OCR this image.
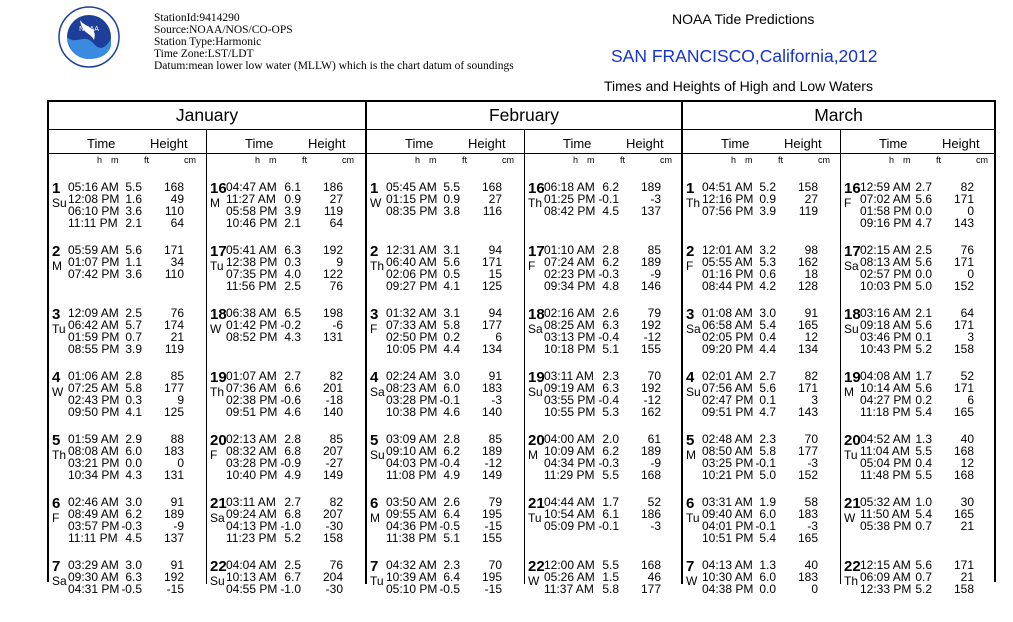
NOAA
StationId:9414290
Source:NOAA/NOS/CO-OPS
Station Type:Harmonic
Time Zone:LST/LDT
Datum:mean lower low water (MLLW) which is the chart datum of soundings
NOAA Tide Predictions
SAN FRANCISCO,California,2012
Times and Heights of High and Low Waters
January
Time	Height
h m	ft	cm
1
Su
05:16 AM 5.5 168
12:08 PM 1.6 49
06:10 PM 3.6 110
11:11 PM 2.1 64
2
M
05:59 AM 5.6 171
01:07 PM 1.1 34
07:42 PM 3.6 110
3
Tu
12:09 AM 2.5 76
06:42 AM 5.7 174
01:59 PM 0.7 21
08:55 PM 3.9 119
4
W
01:06 AM 2.8 85
07:25 AM 5.8 177
02:43 PM 0.3	9
09:50 PM 4.1 125
5
Th
01:59 AM 2.9 88
08:08 AM 6.0 183
03:21 PM 0.0	0
10:34 PM 4.3 131
6
F
02:46 AM 3.0 91
08:49 AM 6.2 189
03:57 PM -0.3	-9
11:11 PM 4.5 137
7
Sa
03:29 AM 3.0 91
09:30 AM 6.3 192
04:31 PM -0.5 -15
Time	Height
h m	ft	cm
16
M
04:47 AM 6.1 186
11:27 AM 0.9 27
05:58 PM 3.9 119
10:46 PM 2.1 64
17
Tu
05:41 AM 6.3 192
12:38 PM 0.3	9
07:35 PM 4.0 122
11:56 PM 2.5 76
18
W
06:38 AM 6.5 198
01:42 PM -0.2	-6
08:52 PM 4.3 131
19
Th
01:07 AM 2.7 82
07:36 AM 6.6 201
02:38 PM -0.6 -18
09:51 PM 4.6 140
20
F
02:13 AM 2.8 85
08:32 AM 6.8 207
03:28 PM -0.9 -27
10:40 PM 4.9 149
21
Sa
03:11 AM 2.7 82
09:24 AM 6.8 207
04:13 PM -1.0 -30
11:23 PM 5.2 158
22
Su
04:04 AM 2.5 76
10:13 AM 6.7 204
04:55 PM -1.0 -30
February
Time	Height
h m	ft	cm
1
W
05:45 AM 5.5 168
01:15 PM 0.9 27
08:35 PM 3.8 116
2
Th
12:31 AM 3.1 94
06:40 AM 5.6 171
02:06 PM 0.5 15
09:27 PM 4.1 125
3
F
01:32 AM 3.1 94
07:33 AM 5.8 177
02:50 PM 0.2	6
10:05 PM 4.4 134
4
Sa
02:24 AM 3.0 91
08:23 AM 6.0 183
03:28 PM -0.1	-3
10:38 PM 4.6 140
5
Su
03:09 AM 2.8 85
09:10 AM 6.2 189
04:03 PM -0.4 -12
11:08 PM 4.9 149
6
M
03:50 AM 2.6 79
09:55 AM 6.4 195
04:36 PM -0.5 -15
11:38 PM 5.1 155
7
Tu
04:32 AM 2.3 70
10:39 AM 6.4 195
05:10 PM -0.5 -15
Time	Height
h m	ft	cm
16
Th
06:18 AM 6.2 189
01:25 PM -0.1	-3
08:42 PM 4.5 137
17
F
01:10 AM 2.8 85
07:24 AM 6.2 189
02:23 PM -0.3	-9
09:34 PM 4.8 146
18
Sa
02:16 AM 2.6 79
08:25 AM 6.3 192
03:13 PM -0.4 -12
10:18 PM 5.1 155
19
Su
03:11 AM 2.3 70
09:19 AM 6.3 192
03:55 PM -0.4 -12
10:55 PM 5.3 162
20
M
04:00 AM 2.0 61
10:09 AM 6.2 189
04:34 PM -0.3	-9
11:29 PM 5.5 168
21
Tu
04:44 AM 1.7 52
10:54 AM 6.1 186
05:09 PM -0.1	-3
22
W
12:00 AM 5.5 168
05:26 AM 1.5 46
11:37 AM 5.8 177
March
Time	Height
h m	ft	cm
1
Th
04:51 AM 5.2 158
12:16 PM 0.9 27
07:56 PM 3.9 119
2
F
12:01 AM 3.2 98
05:55 AM 5.3 162
01:16 PM 0.6 18
08:44 PM 4.2 128
3
Sa
01:08 AM 3.0 91
06:58 AM 5.4 165
02:05 PM 0.4 12
09:20 PM 4.4 134
4
Su
02:01 AM 2.7 82
07:56 AM 5.6 171
02:47 PM 0.1	3
09:51 PM 4.7 143
5
M
02:48 AM 2.3 70
08:50 AM 5.8 177
03:25 PM -0.1	-3
10:21 PM 5.0 152
6
Tu
03:31 AM 1.9 58
09:40 AM 6.0 183
04:01 PM -0.1	-3
10:51 PM 5.4 165
7
W
04:13 AM 1.3 40
10:30 AM 6.0 183
04:38 PM 0.0	0
Time	Height
h m	ft	cm
16
F
12:59 AM 2.7 82
07:02 AM 5.6 171
01:58 PM 0.0	0
09:16 PM 4.7 143
17
Sa
02:15 AM 2.5 76
08:13 AM 5.6 171
02:57 PM 0.0	0
10:03 PM 5.0 152
18
Su
03:16 AM 2.1 64
09:18 AM 5.6 171
03:46 PM 0.1	3
10:43 PM 5.2 158
19
M
04:08 AM 1.7 52
10:14 AM 5.6 171
04:27 PM 0.2	6
11:18 PM 5.4 165
20
Tu
04:52 AM 1.3 40
11:04 AM 5.5 168
05:04 PM 0.4 12
11:48 PM 5.5 168
21
W
05:32 AM 1.0 30
11:50 AM 5.4 165
05:38 PM 0.7 21
22
Th
12:15 AM 5.6 171
06:09 AM 0.7 21
12:33 PM 5.2 158
